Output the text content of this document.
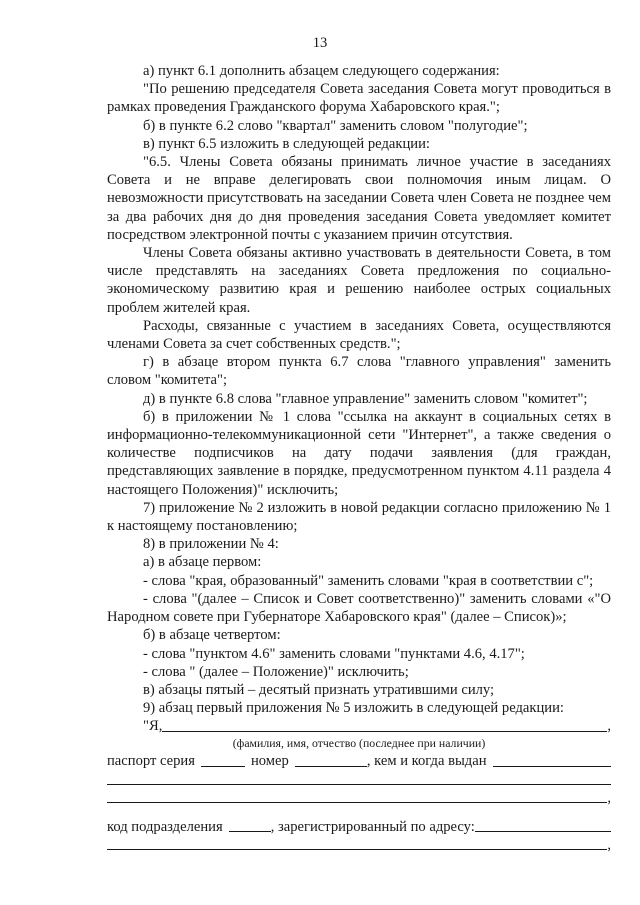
13

а) пункт 6.1 дополнить абзацем следующего содержания:

"По решению председателя Совета заседания Совета могут проводиться в рамках проведения Гражданского форума Хабаровского края.";

б) в пункте 6.2 слово "квартал" заменить словом "полугодие";

в) пункт 6.5 изложить в следующей редакции:

"6.5. Члены Совета обязаны принимать личное участие в заседаниях Совета и не вправе делегировать свои полномочия иным лицам. О невозможности присутствовать на заседании Совета член Совета не позднее чем за два рабочих дня до дня проведения заседания Совета уведомляет комитет посредством электронной почты с указанием причин отсутствия.

Члены Совета обязаны активно участвовать в деятельности Совета, в том числе представлять на заседаниях Совета предложения по социально-экономическому развитию края и решению наиболее острых социальных проблем жителей края.

Расходы, связанные с участием в заседаниях Совета, осуществляются членами Совета за счет собственных средств.";

г) в абзаце втором пункта 6.7 слова "главного управления" заменить словом "комитета";

д) в пункте 6.8 слова "главное управление" заменить словом "комитет";

б) в приложении № 1 слова "ссылка на аккаунт в социальных сетях в информационно-телекоммуникационной сети "Интернет", а также сведения о количестве подписчиков на дату подачи заявления (для граждан, представляющих заявление в порядке, предусмотренном пунктом 4.11 раздела 4 настоящего Положения)" исключить;

7) приложение № 2 изложить в новой редакции согласно приложению № 1 к настоящему постановлению;

8) в приложении № 4:

а) в абзаце первом:

- слова "края, образованный" заменить словами "края в соответствии с";

- слова "(далее – Список и Совет соответственно)" заменить словами «"О Народном совете при Губернаторе Хабаровского края" (далее – Список)»;

б) в абзаце четвертом:

- слова "пунктом 4.6" заменить словами "пунктами 4.6, 4.17";

- слова " (далее – Положение)" исключить;

в) абзацы пятый – десятый признать утратившими силу;

9) абзац первый приложения № 5 изложить в следующей редакции:

"Я,	,
(фамилия, имя, отчество (последнее при наличии)
паспорт серия	номер	, кем и когда выдан
,
код подразделения	, зарегистрированный по адресу:
,
